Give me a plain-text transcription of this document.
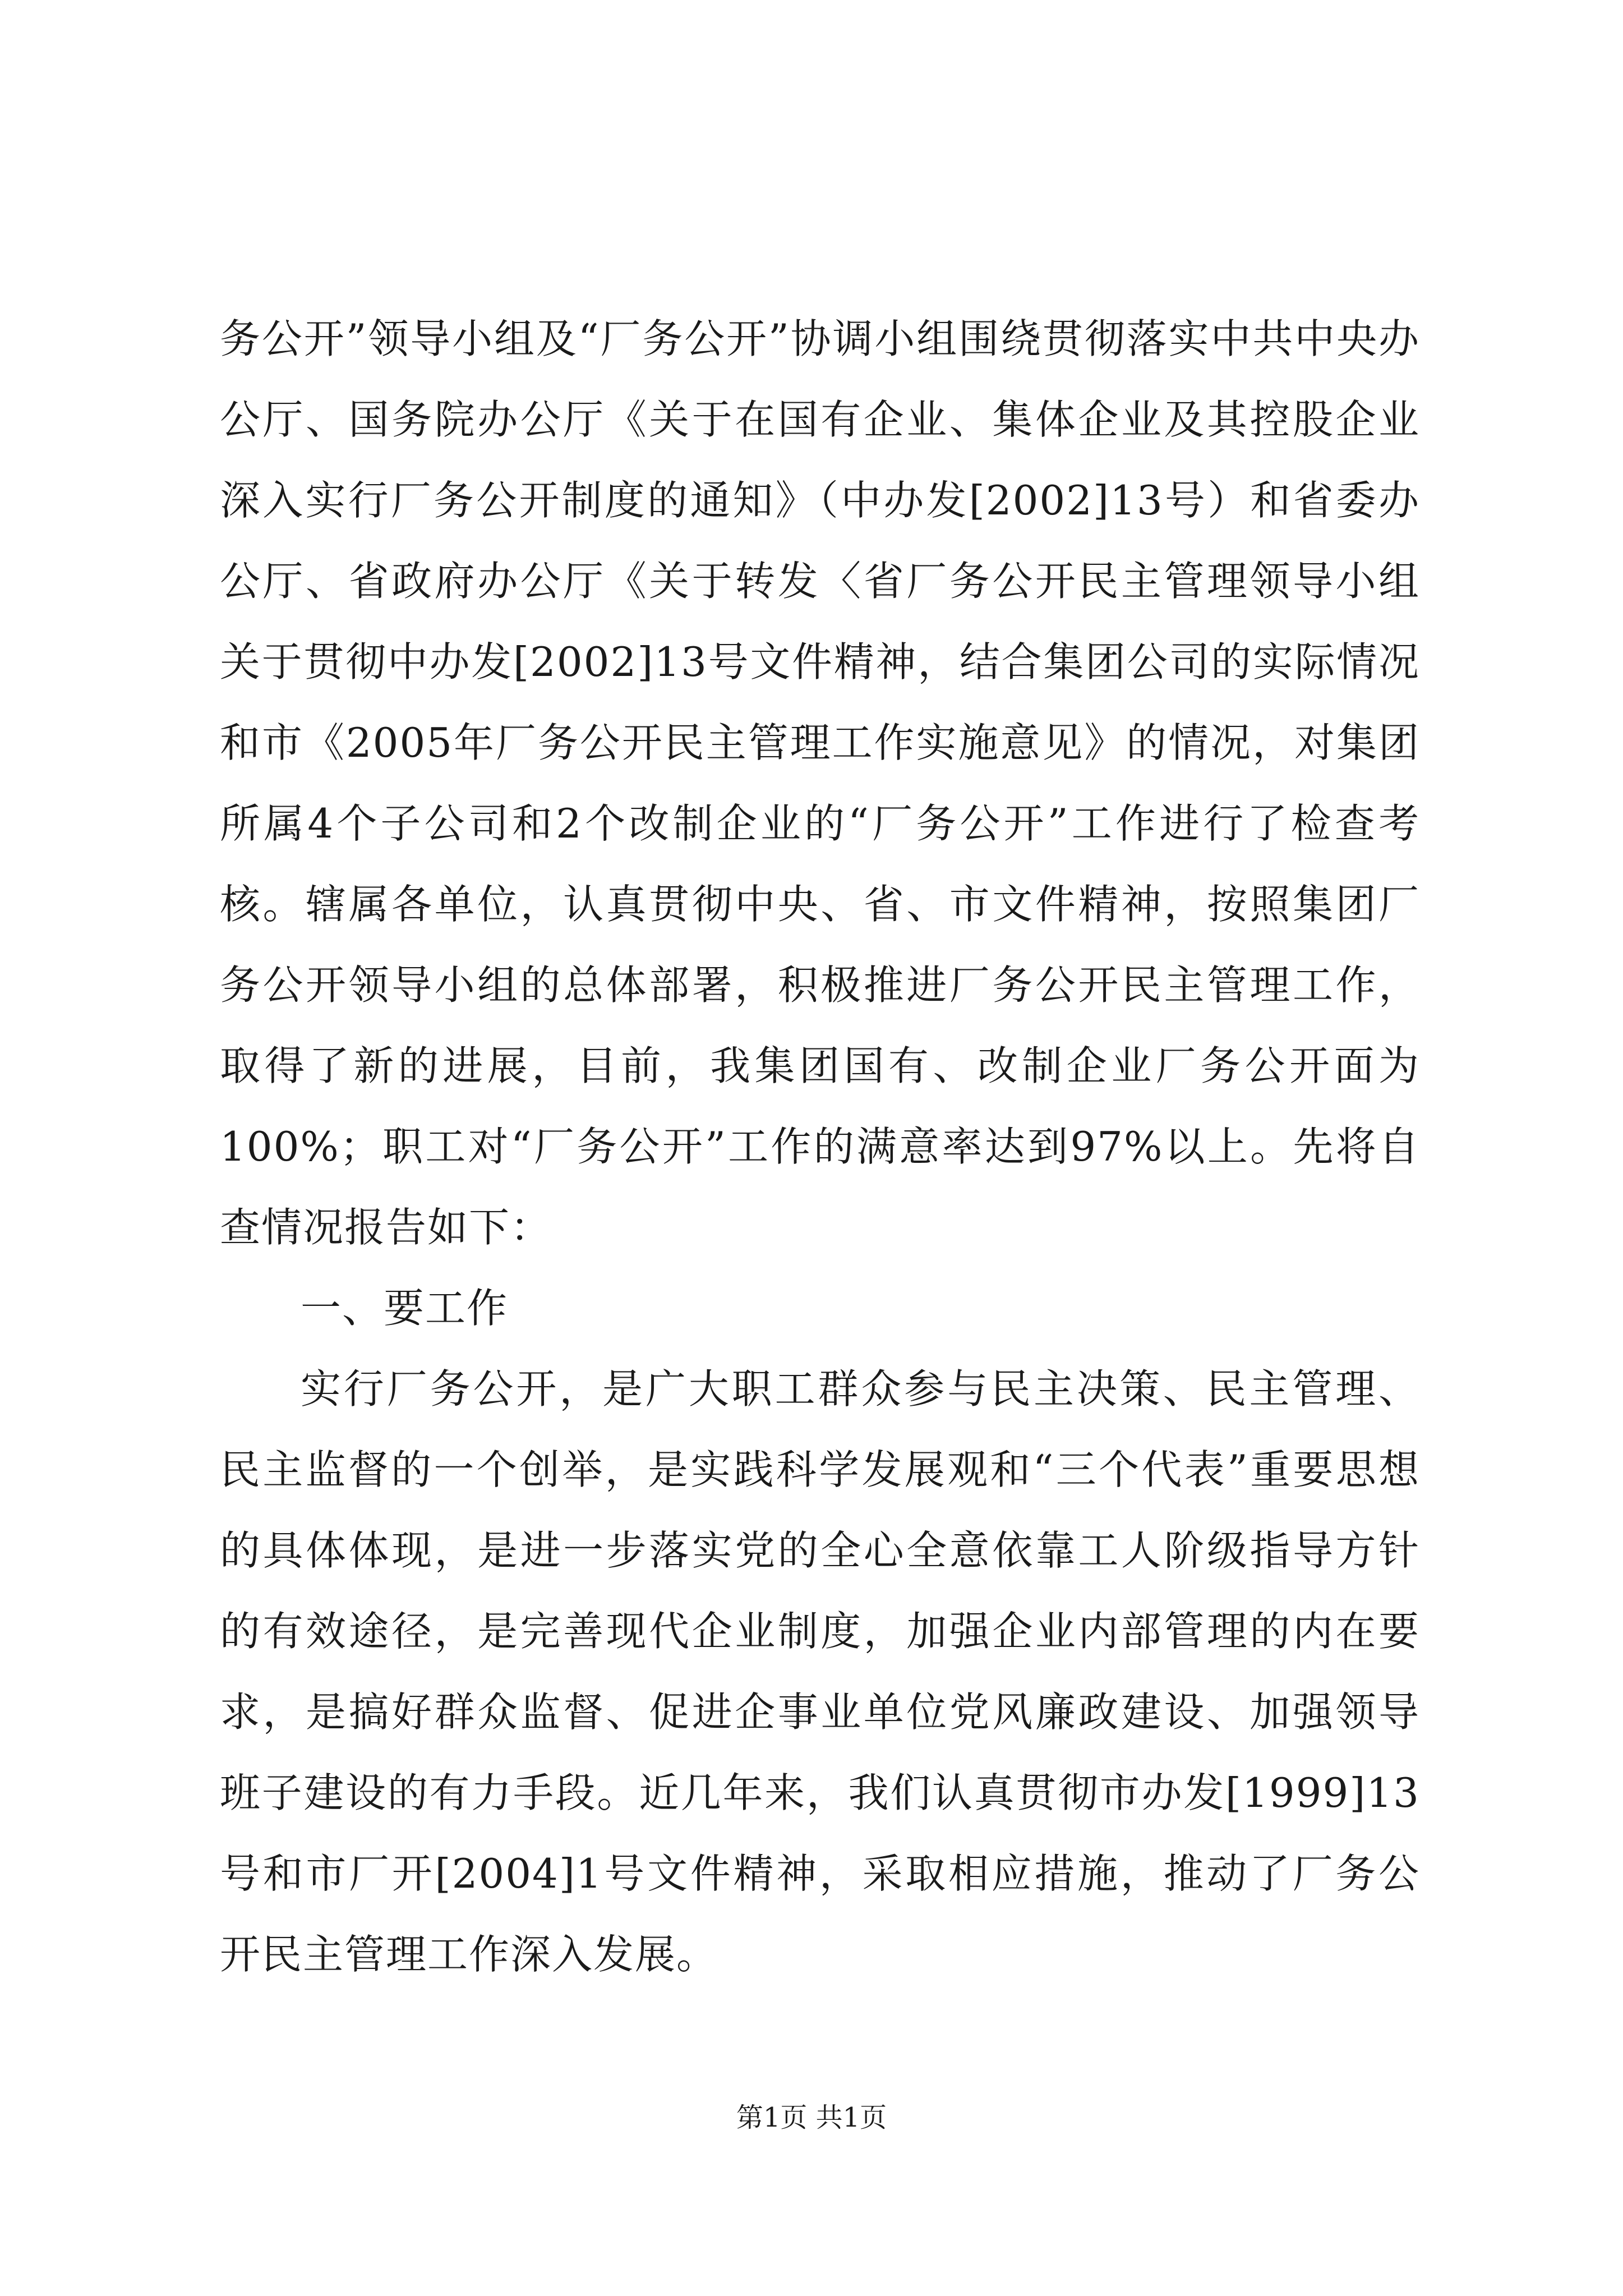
务公开”领导小组及“厂务公开”协调小组围绕贯彻落实中共中央办公厅、国务院办公厅《关于在国有企业、集体企业及其控股企业深入实行厂务公开制度的通知》（中办发[2002]13号）和省委办公厅、省政府办公厅《关于转发〈省厂务公开民主管理领导小组关于贯彻中办发[2002]13号文件精神，结合集团公司的实际情况和市《2005年厂务公开民主管理工作实施意见》的情况，对集团所属4个子公司和2个改制企业的“厂务公开”工作进行了检查考核。辖属各单位，认真贯彻中央、省、市文件精神，按照集团厂务公开领导小组的总体部署，积极推进厂务公开民主管理工作，取得了新的进展，目前，我集团国有、改制企业厂务公开面为100%；职工对“厂务公开”工作的满意率达到97%以上。先将自查情况报告如下：

一、要工作

实行厂务公开，是广大职工群众参与民主决策、民主管理、民主监督的一个创举，是实践科学发展观和“三个代表”重要思想的具体体现，是进一步落实党的全心全意依靠工人阶级指导方针的有效途径，是完善现代企业制度，加强企业内部管理的内在要求，是搞好群众监督、促进企事业单位党风廉政建设、加强领导班子建设的有力手段。近几年来，我们认真贯彻市办发[1999]13号和市厂开[2004]1号文件精神，采取相应措施，推动了厂务公开民主管理工作深入发展。

第1页 共1页
